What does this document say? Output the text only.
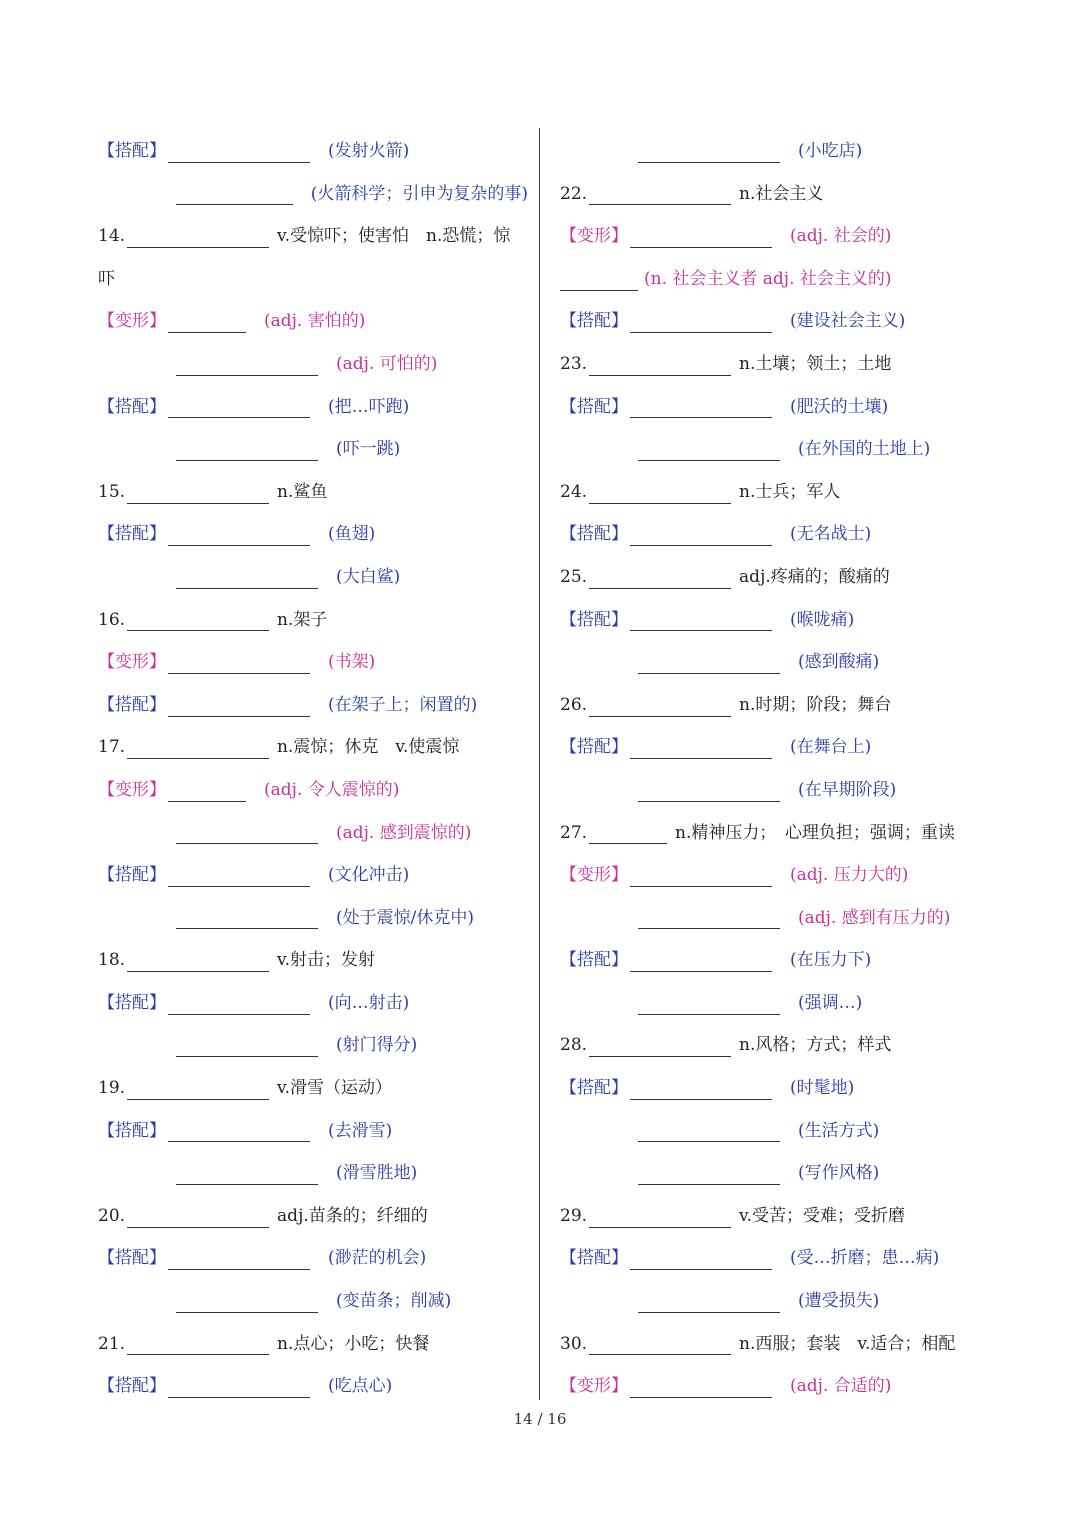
【搭配】	(发射火箭)
(火箭科学；引申为复杂的事)
14.	v.受惊吓；使害怕　n.恐慌；惊
吓
【变形】	(adj. 害怕的)
(adj. 可怕的)
【搭配】	(把…吓跑)
(吓一跳)
15.	n.鲨鱼
【搭配】	(鱼翅)
(大白鲨)
16.	n.架子
【变形】	(书架)
【搭配】	(在架子上；闲置的)
17.	n.震惊；休克　v.使震惊
【变形】	(adj. 令人震惊的)
(adj. 感到震惊的)
【搭配】	(文化冲击)
(处于震惊/休克中)
18.	v.射击；发射
【搭配】	(向…射击)
(射门得分)
19.	v.滑雪（运动）
【搭配】	(去滑雪)
(滑雪胜地)
20.	adj.苗条的；纤细的
【搭配】	(渺茫的机会)
(变苗条；削减)
21.	n.点心；小吃；快餐
【搭配】	(吃点心)
(小吃店)
22.	n.社会主义
【变形】	(adj. 社会的)
(n. 社会主义者 adj. 社会主义的)
【搭配】	(建设社会主义)
23.	n.土壤；领土；土地
【搭配】	(肥沃的土壤)
(在外国的土地上)
24.	n.士兵；军人
【搭配】	(无名战士)
25.	adj.疼痛的；酸痛的
【搭配】	(喉咙痛)
(感到酸痛)
26.	n.时期；阶段；舞台
【搭配】	(在舞台上)
(在早期阶段)
27.	n.精神压力；　心理负担；强调；重读
【变形】	(adj. 压力大的)
(adj. 感到有压力的)
【搭配】	(在压力下)
(强调…)
28.	n.风格；方式；样式
【搭配】	(时髦地)
(生活方式)
(写作风格)
29.	v.受苦；受难；受折磨
【搭配】	(受…折磨；患…病)
(遭受损失)
30.	n.西服；套装　v.适合；相配
【变形】	(adj. 合适的)
14 / 16
